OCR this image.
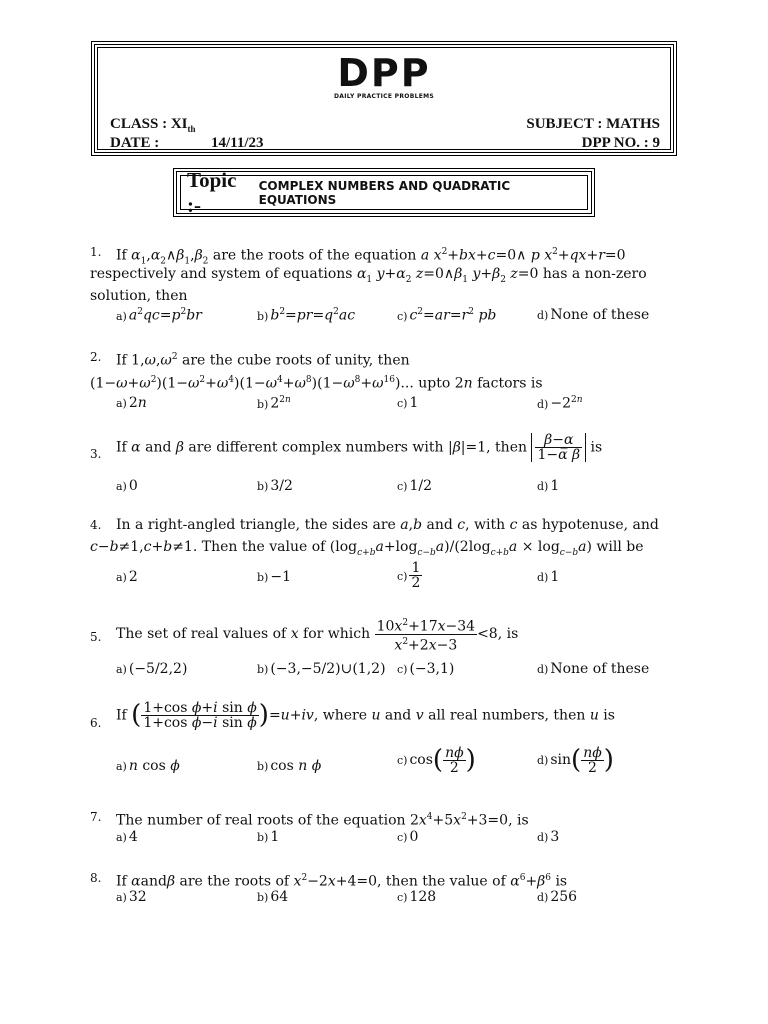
DPP
DAILY PRACTICE PROBLEMS
CLASS : $XI_{th}$	SUBJECT : MATHS
DATE :	14/11/23	DPP NO. : 9
Topic :-
COMPLEX NUMBERS AND QUADRATIC EQUATIONS
1. If $\alpha_1,\alpha_2\wedge\beta_1,\beta_2$ are the roots of the equation a $x^2+bx+c=0\wedge$ p $x^2+qx+r=0$
respectively and system of equations $\alpha_1$ $y+\alpha_2$ $z=0\wedge\beta_1$ $y+\beta_2$ z=0 has a non-zero
solution, then
a) $a^2qc=p^2br$	b) $b^2=pr=q^2ac$	c) $c^2=ar=r^2$ pb	d) None of these
2. If $1,\omega,\omega^2$ are the cube roots of unity, then
$(1-\omega+\omega^2)(1-\omega^2+\omega^4)(1-\omega^4+\omega^8)(1-\omega^8+\omega^{16})$... upto 2n factors is
a) 2n	b) $2^{2n}$	c) 1	$d) -2^{2n}$
3. If α and β are different complex numbers with |β|=1, then $\frac{\beta-\alpha}{1-\alpha̅ \beta}$ is
a) 0	b) 3/2	c) 1/2	d) 1
4. In a right-angled triangle, the sides are a,b and c, with c as hypotenuse, and
c−b≠1,c+b≠1. Then the value of $(\log_{c+b}a+\log_{c-b}a)/(2\log_{c+b}a \times \log_{c-b}a)$ will be
a) 2	b) −1	$c) \frac{1}{2}$	d) 1
5. The set of real values of x for which $\frac{10x^2+17x-34}{x^2+2x-3} <8$, is
a) (−5/2,2)	b) (−3,−5/2)∪(1,2) c) (−3,1)	d) None of these
6. If ( $\frac{\text{1+cos ϕ+i sin ϕ}}{\text{1+cos ϕ−i sin ϕ}} )=u+iv$, where u and v all real numbers, then u is
a) n cos ϕ	b) cos n ϕ	c) $\cos( \frac{n\phi}{2}$ )	d) $\sin( \frac{n\phi}{2}$ )
7. The number of real roots of the equation $2x^4+5x^2+3=0$, is
a) 4	b) 1	c) 0	d) 3
8. If αandβ are the roots of $x^2-2x+4=0$, then the value of $\alpha^6+\beta^6$ is
a) 32	b) 64	c) 128	d) 256
